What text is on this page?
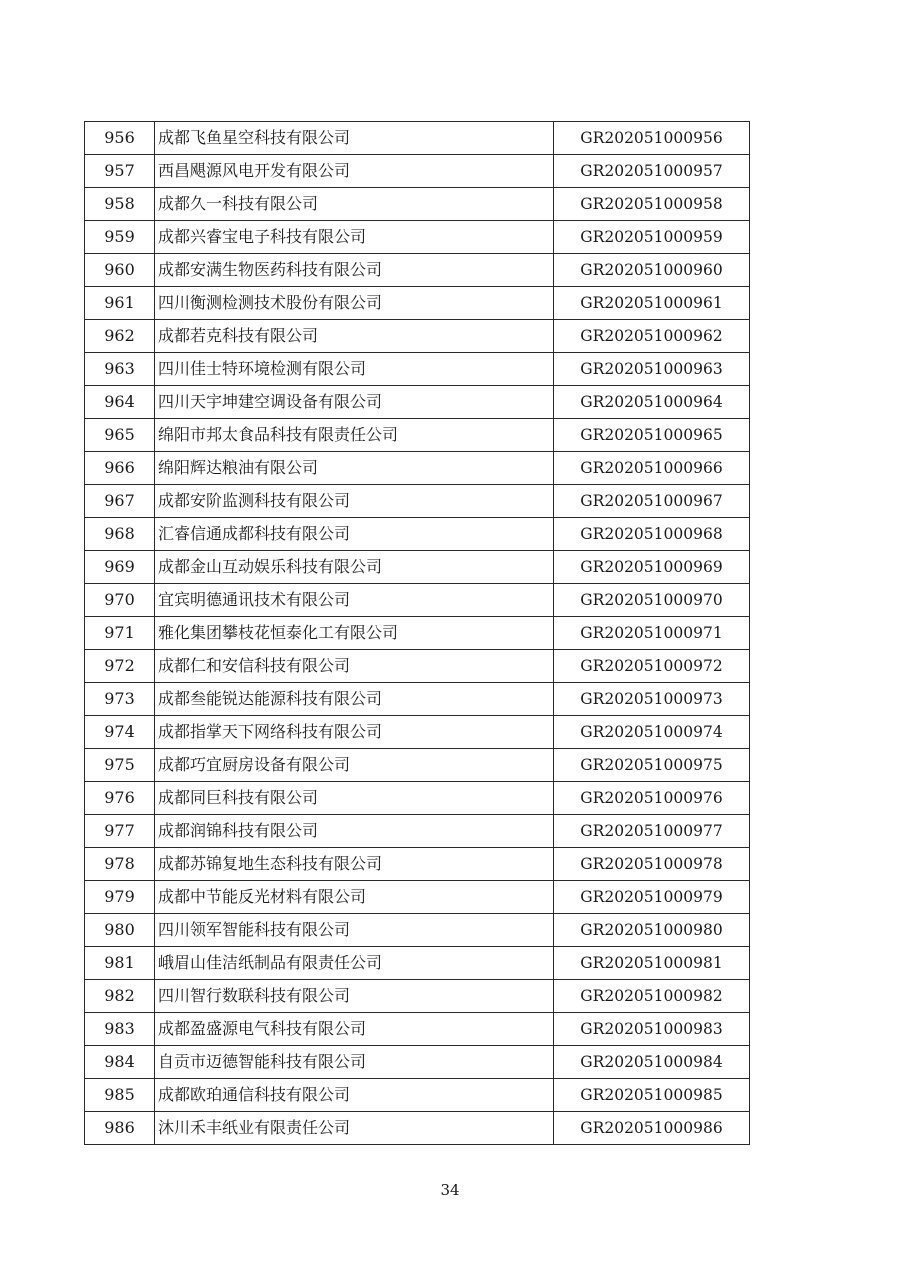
956	成都飞鱼星空科技有限公司	GR202051000956
957	西昌飓源风电开发有限公司	GR202051000957
958	成都久一科技有限公司	GR202051000958
959	成都兴睿宝电子科技有限公司	GR202051000959
960	成都安满生物医药科技有限公司	GR202051000960
961	四川衡测检测技术股份有限公司	GR202051000961
962	成都若克科技有限公司	GR202051000962
963	四川佳士特环境检测有限公司	GR202051000963
964	四川天宇坤建空调设备有限公司	GR202051000964
965	绵阳市邦太食品科技有限责任公司	GR202051000965
966	绵阳辉达粮油有限公司	GR202051000966
967	成都安阶监测科技有限公司	GR202051000967
968	汇睿信通成都科技有限公司	GR202051000968
969	成都金山互动娱乐科技有限公司	GR202051000969
970	宜宾明德通讯技术有限公司	GR202051000970
971	雅化集团攀枝花恒泰化工有限公司	GR202051000971
972	成都仁和安信科技有限公司	GR202051000972
973	成都叁能锐达能源科技有限公司	GR202051000973
974	成都指掌天下网络科技有限公司	GR202051000974
975	成都巧宜厨房设备有限公司	GR202051000975
976	成都同巨科技有限公司	GR202051000976
977	成都润锦科技有限公司	GR202051000977
978	成都苏锦复地生态科技有限公司	GR202051000978
979	成都中节能反光材料有限公司	GR202051000979
980	四川领军智能科技有限公司	GR202051000980
981	峨眉山佳洁纸制品有限责任公司	GR202051000981
982	四川智行数联科技有限公司	GR202051000982
983	成都盈盛源电气科技有限公司	GR202051000983
984	自贡市迈德智能科技有限公司	GR202051000984
985	成都欧珀通信科技有限公司	GR202051000985
986	沐川禾丰纸业有限责任公司	GR202051000986
34
